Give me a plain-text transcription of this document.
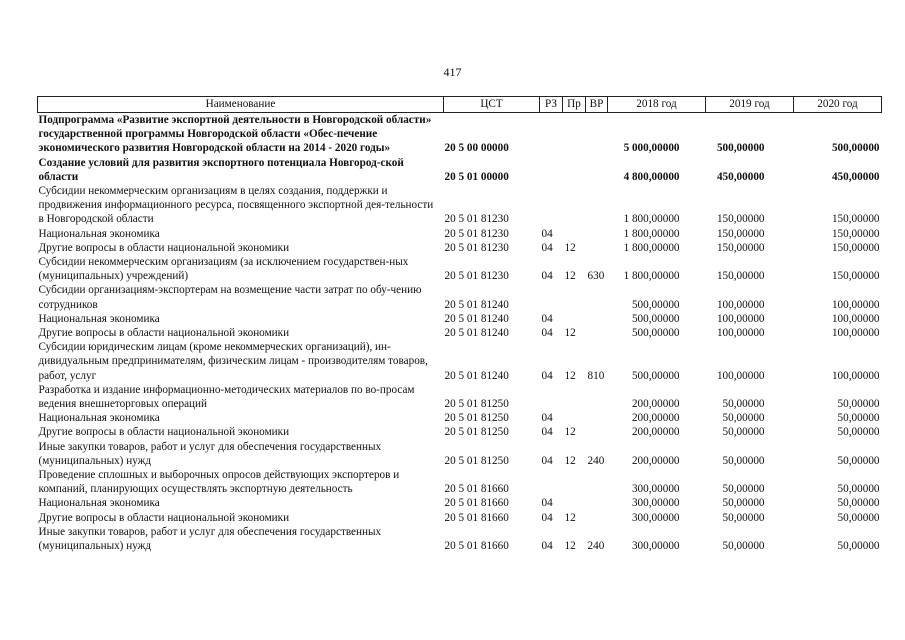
417
Наименование	ЦСТ	РЗ	Пр	ВР	2018 год	2019 год	2020 год
Подпрограмма «Развитие экспортной деятельности в Новгородской области» государственной программы Новгородской области «Обес-печение экономического развития Новгородской области на 2014 - 2020 годы»	20 5 00 00000				5 000,00000	500,00000	500,00000
Создание условий для развития экспортного потенциала Новгород-ской области	20 5 01 00000				4 800,00000	450,00000	450,00000
Субсидии некоммерческим организациям в целях создания, поддержки и продвижения информационного ресурса, посвященного экспортной дея-тельности в Новгородской области	20 5 01 81230				1 800,00000	150,00000	150,00000
Национальная экономика	20 5 01 81230	04			1 800,00000	150,00000	150,00000
Другие вопросы в области национальной экономики	20 5 01 81230	04	12		1 800,00000	150,00000	150,00000
Субсидии некоммерческим организациям (за исключением государствен-ных (муниципальных) учреждений)	20 5 01 81230	04	12	630	1 800,00000	150,00000	150,00000
Субсидии организациям-экспортерам на возмещение части затрат по обу-чению сотрудников	20 5 01 81240				500,00000	100,00000	100,00000
Национальная экономика	20 5 01 81240	04			500,00000	100,00000	100,00000
Другие вопросы в области национальной экономики	20 5 01 81240	04	12		500,00000	100,00000	100,00000
Субсидии юридическим лицам (кроме некоммерческих организаций), ин-дивидуальным предпринимателям, физическим лицам - производителям товаров, работ, услуг	20 5 01 81240	04	12	810	500,00000	100,00000	100,00000
Разработка и издание информационно-методических материалов по во-просам ведения внешнеторговых операций	20 5 01 81250				200,00000	50,00000	50,00000
Национальная экономика	20 5 01 81250	04			200,00000	50,00000	50,00000
Другие вопросы в области национальной экономики	20 5 01 81250	04	12		200,00000	50,00000	50,00000
Иные закупки товаров, работ и услуг для обеспечения государственных (муниципальных) нужд	20 5 01 81250	04	12	240	200,00000	50,00000	50,00000
Проведение сплошных и выборочных опросов действующих экспортеров и компаний, планирующих осуществлять экспортную деятельность	20 5 01 81660				300,00000	50,00000	50,00000
Национальная экономика	20 5 01 81660	04			300,00000	50,00000	50,00000
Другие вопросы в области национальной экономики	20 5 01 81660	04	12		300,00000	50,00000	50,00000
Иные закупки товаров, работ и услуг для обеспечения государственных (муниципальных) нужд	20 5 01 81660	04	12	240	300,00000	50,00000	50,00000
